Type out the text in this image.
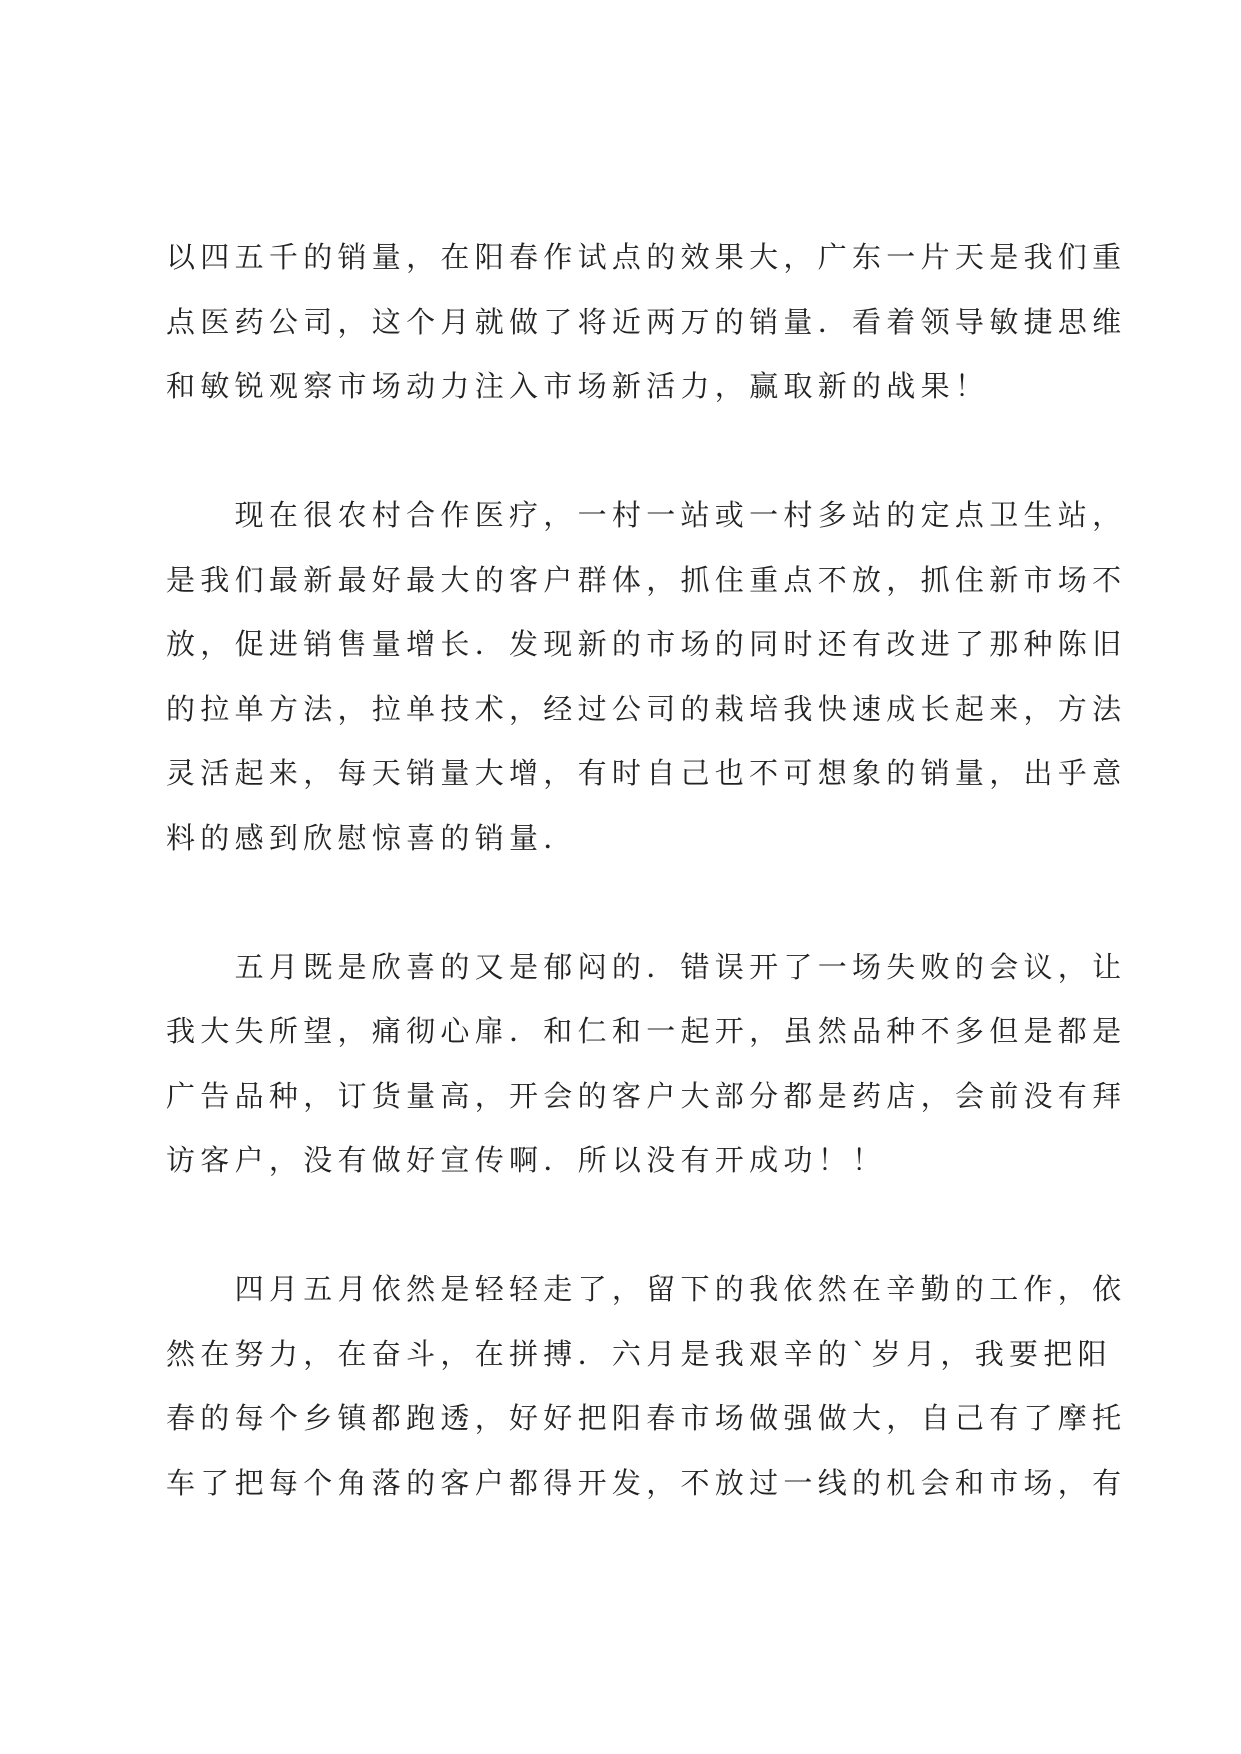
以四五千的销量，在阳春作试点的效果大，广东一片天是我们重
点医药公司，这个月就做了将近两万的销量．看着领导敏捷思维
和敏锐观察市场动力注入市场新活力，赢取新的战果！
　　现在很农村合作医疗，一村一站或一村多站的定点卫生站，
是我们最新最好最大的客户群体，抓住重点不放，抓住新市场不
放，促进销售量增长．发现新的市场的同时还有改进了那种陈旧
的拉单方法，拉单技术，经过公司的栽培我快速成长起来，方法
灵活起来，每天销量大增，有时自己也不可想象的销量，出乎意
料的感到欣慰惊喜的销量．
　　五月既是欣喜的又是郁闷的．错误开了一场失败的会议，让
我大失所望，痛彻心扉．和仁和一起开，虽然品种不多但是都是
广告品种，订货量高，开会的客户大部分都是药店，会前没有拜
访客户，没有做好宣传啊．所以没有开成功！！
　　四月五月依然是轻轻走了，留下的我依然在辛勤的工作，依
然在努力，在奋斗，在拼搏．六月是我艰辛的`岁月，我要把阳
春的每个乡镇都跑透，好好把阳春市场做强做大，自己有了摩托
车了把每个角落的客户都得开发，不放过一线的机会和市场，有
